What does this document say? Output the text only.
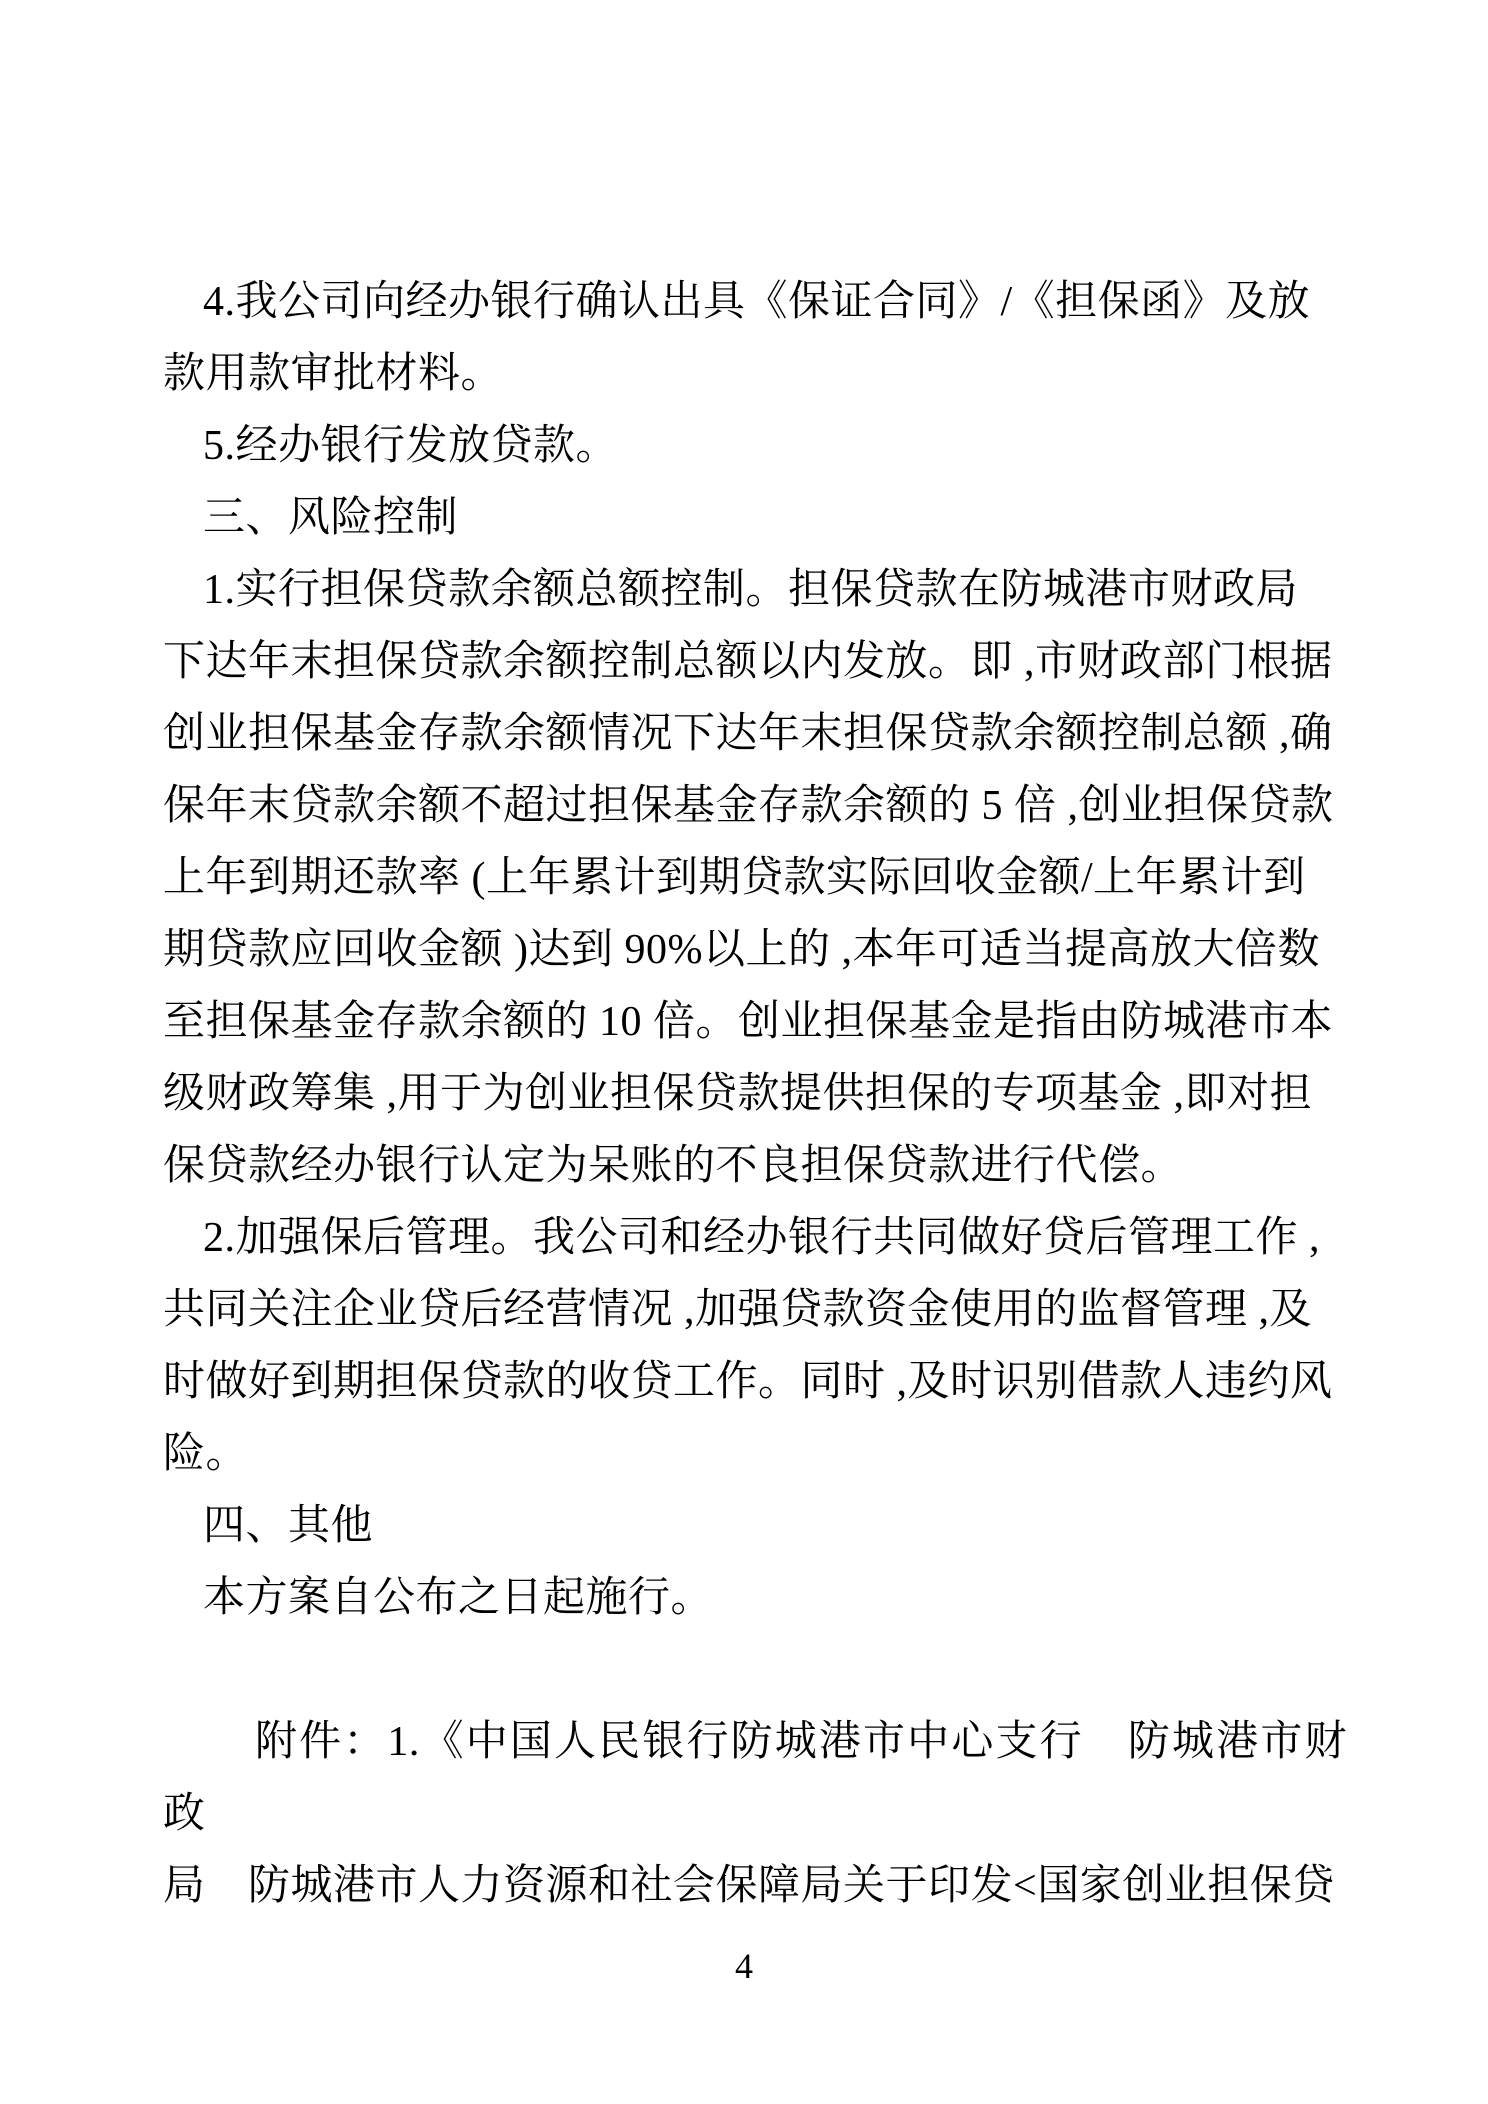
4.我公司向经办银行确认出具《保证合同》/《担保函》及放
款用款审批材料。
5.经办银行发放贷款。
三、风险控制
1.实行担保贷款余额总额控制。担保贷款在防城港市财政局
下达年末担保贷款余额控制总额以内发放。即 ,市财政部门根据
创业担保基金存款余额情况下达年末担保贷款余额控制总额 ,确
保年末贷款余额不超过担保基金存款余额的 5 倍 ,创业担保贷款
上年到期还款率 (上年累计到期贷款实际回收金额/上年累计到
期贷款应回收金额 )达到 90%以上的 ,本年可适当提高放大倍数
至担保基金存款余额的 10 倍。创业担保基金是指由防城港市本
级财政筹集 ,用于为创业担保贷款提供担保的专项基金 ,即对担
保贷款经办银行认定为呆账的不良担保贷款进行代偿。
2.加强保后管理。我公司和经办银行共同做好贷后管理工作 ,
共同关注企业贷后经营情况 ,加强贷款资金使用的监督管理 ,及
时做好到期担保贷款的收贷工作。同时 ,及时识别借款人违约风
险。
四、其他
本方案自公布之日起施行。
附件：1.《中国人民银行防城港市中心支行　防城港市财政
局　防城港市人力资源和社会保障局关于印发<国家创业担保贷
4
